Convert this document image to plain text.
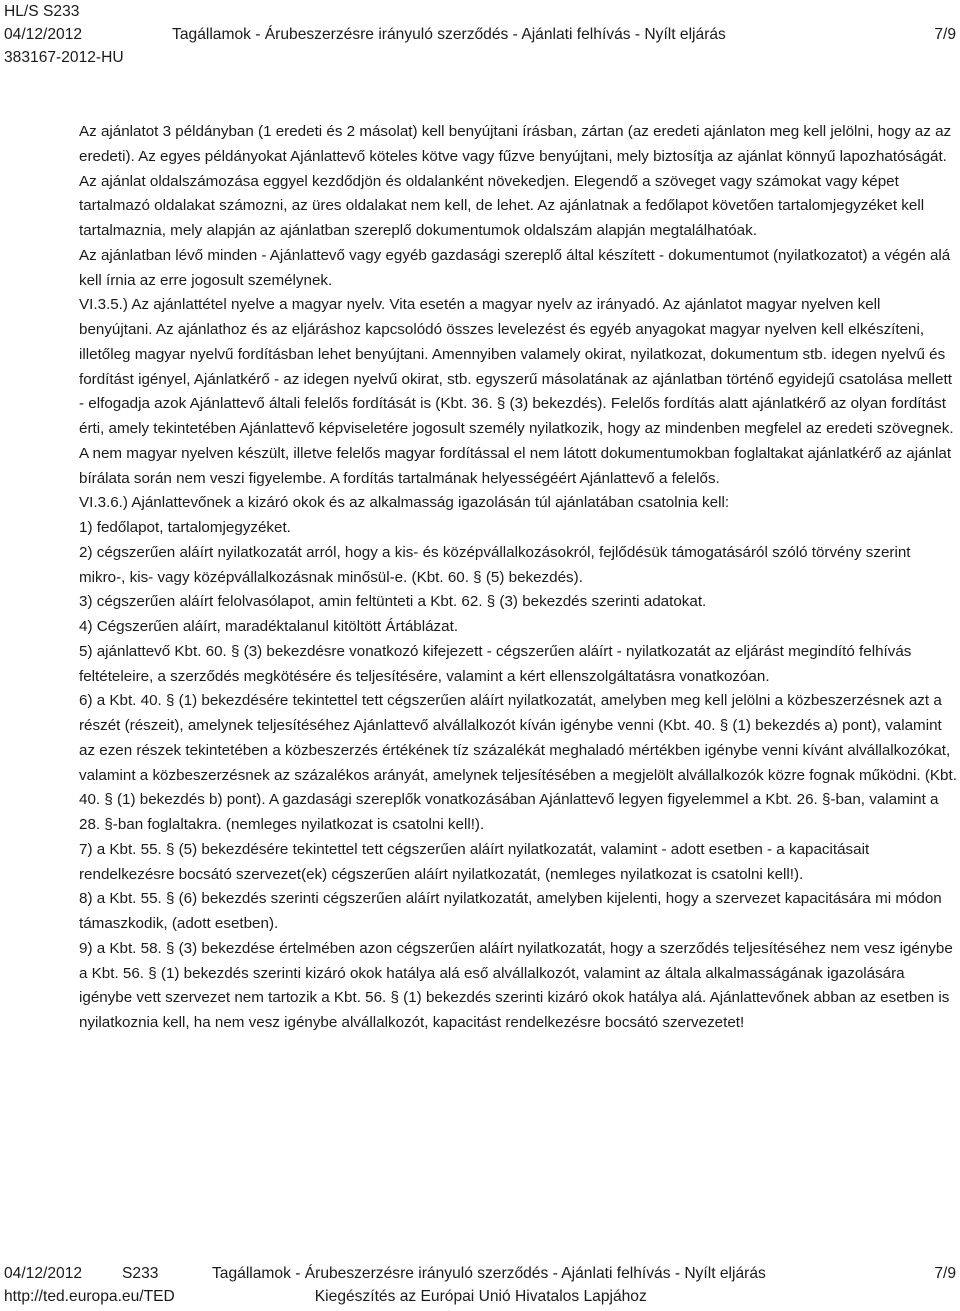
HL/S S233
04/12/2012	Tagállamok - Árubeszerzésre irányuló szerződés - Ajánlati felhívás - Nyílt eljárás	7/9
383167-2012-HU

Az ajánlatot 3 példányban (1 eredeti és 2 másolat) kell benyújtani írásban, zártan (az eredeti ajánlaton meg kell jelölni, hogy az az eredeti). Az egyes példányokat Ajánlattevő köteles kötve vagy fűzve benyújtani, mely biztosítja az ajánlat könnyű lapozhatóságát. Az ajánlat oldalszámozása eggyel kezdődjön és oldalanként növekedjen. Elegendő a szöveget vagy számokat vagy képet tartalmazó oldalakat számozni, az üres oldalakat nem kell, de lehet. Az ajánlatnak a fedőlapot követően tartalomjegyzéket kell tartalmaznia, mely alapján az ajánlatban szereplő dokumentumok oldalszám alapján megtalálhatóak.

Az ajánlatban lévő minden - Ajánlattevő vagy egyéb gazdasági szereplő által készített - dokumentumot (nyilatkozatot) a végén alá kell írnia az erre jogosult személynek.

VI.3.5.) Az ajánlattétel nyelve a magyar nyelv. Vita esetén a magyar nyelv az irányadó. Az ajánlatot magyar nyelven kell benyújtani. Az ajánlathoz és az eljáráshoz kapcsolódó összes levelezést és egyéb anyagokat magyar nyelven kell elkészíteni, illetőleg magyar nyelvű fordításban lehet benyújtani. Amennyiben valamely okirat, nyilatkozat, dokumentum stb. idegen nyelvű és fordítást igényel, Ajánlatkérő - az idegen nyelvű okirat, stb. egyszerű másolatának az ajánlatban történő egyidejű csatolása mellett - elfogadja azok Ajánlattevő általi felelős fordítását is (Kbt. 36. § (3) bekezdés). Felelős fordítás alatt ajánlatkérő az olyan fordítást érti, amely tekintetében Ajánlattevő képviseletére jogosult személy nyilatkozik, hogy az mindenben megfelel az eredeti szövegnek. A nem magyar nyelven készült, illetve felelős magyar fordítással el nem látott dokumentumokban foglaltakat ajánlatkérő az ajánlat bírálata során nem veszi figyelembe. A fordítás tartalmának helyességéért Ajánlattevő a felelős.

VI.3.6.) Ajánlattevőnek a kizáró okok és az alkalmasság igazolásán túl ajánlatában csatolnia kell:

1) fedőlapot, tartalomjegyzéket.

2) cégszerűen aláírt nyilatkozatát arról, hogy a kis- és középvállalkozásokról, fejlődésük támogatásáról szóló törvény szerint mikro-, kis- vagy középvállalkozásnak minősül-e. (Kbt. 60. § (5) bekezdés).

3) cégszerűen aláírt felolvasólapot, amin feltünteti a Kbt. 62. § (3) bekezdés szerinti adatokat.

4) Cégszerűen aláírt, maradéktalanul kitöltött Ártáblázat.

5) ajánlattevő Kbt. 60. § (3) bekezdésre vonatkozó kifejezett - cégszerűen aláírt - nyilatkozatát az eljárást megindító felhívás feltételeire, a szerződés megkötésére és teljesítésére, valamint a kért ellenszolgáltatásra vonatkozóan.

6) a Kbt. 40. § (1) bekezdésére tekintettel tett cégszerűen aláírt nyilatkozatát, amelyben meg kell jelölni a közbeszerzésnek azt a részét (részeit), amelynek teljesítéséhez Ajánlattevő alvállalkozót kíván igénybe venni (Kbt. 40. § (1) bekezdés a) pont), valamint az ezen részek tekintetében a közbeszerzés értékének tíz százalékát meghaladó mértékben igénybe venni kívánt alvállalkozókat, valamint a közbeszerzésnek az százalékos arányát, amelynek teljesítésében a megjelölt alvállalkozók közre fognak működni. (Kbt. 40. § (1) bekezdés b) pont). A gazdasági szereplők vonatkozásában Ajánlattevő legyen figyelemmel a Kbt. 26. §-ban, valamint a 28. §-ban foglaltakra. (nemleges nyilatkozat is csatolni kell!).

7) a Kbt. 55. § (5) bekezdésére tekintettel tett cégszerűen aláírt nyilatkozatát, valamint - adott esetben - a kapacitásait rendelkezésre bocsátó szervezet(ek) cégszerűen aláírt nyilatkozatát, (nemleges nyilatkozat is csatolni kell!).

8) a Kbt. 55. § (6) bekezdés szerinti cégszerűen aláírt nyilatkozatát, amelyben kijelenti, hogy a szervezet kapacitására mi módon támaszkodik, (adott esetben).

9) a Kbt. 58. § (3) bekezdése értelmében azon cégszerűen aláírt nyilatkozatát, hogy a szerződés teljesítéséhez nem vesz igénybe a Kbt. 56. § (1) bekezdés szerinti kizáró okok hatálya alá eső alvállalkozót, valamint az általa alkalmasságának igazolására igénybe vett szervezet nem tartozik a Kbt. 56. § (1) bekezdés szerinti kizáró okok hatálya alá. Ajánlattevőnek abban az esetben is nyilatkoznia kell, ha nem vesz igénybe alvállalkozót, kapacitást rendelkezésre bocsátó szervezetet!

04/12/2012	S233	Tagállamok - Árubeszerzésre irányuló szerződés - Ajánlati felhívás - Nyílt eljárás	7/9
http://ted.europa.eu/TED	Kiegészítés az Európai Unió Hivatalos Lapjához
